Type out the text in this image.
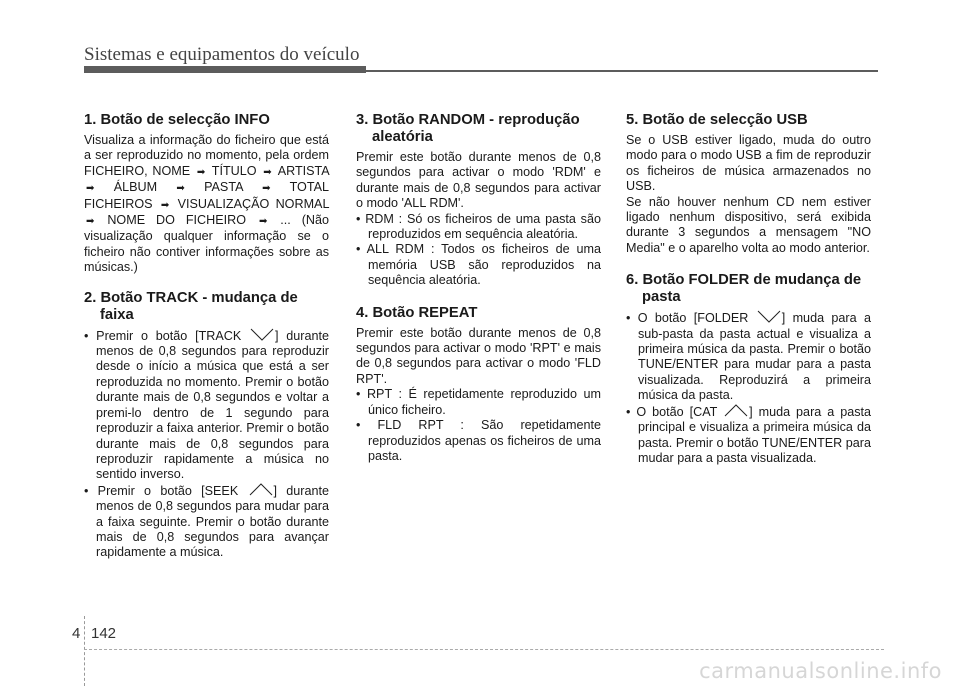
Sistemas e equipamentos do veículo
1. Botão de selecção INFO

Visualiza a informação do ficheiro que está a ser reproduzido no momento, pela ordem FICHEIRO, NOME ➡ TÍTULO ➡ ARTISTA ➡ ÁLBUM ➡ PASTA ➡ TOTAL FICHEIROS ➡ VISUALIZAÇÃO NORMAL ➡ NOME DO FICHEIRO ➡ ... (Não visualização qualquer informação se o ficheiro não contiver informações sobre as músicas.)

2. Botão TRACK - mudança de
faixa

• Premir o botão [TRACK	] durante menos de 0,8 segundos para reproduzir desde o início a música que está a ser reproduzida no momento. Premir o botão durante mais de 0,8 segundos e voltar a premi-lo dentro de 1 segundo para reproduzir a faixa anterior. Premir o botão durante mais de 0,8 segundos para reproduzir rapidamente a música no sentido inverso.

• Premir o botão [SEEK	] durante menos de 0,8 segundos para mudar para a faixa seguinte. Premir o botão durante mais de 0,8 segundos para avançar rapidamente a música.

3. Botão RANDOM - reprodução
aleatória

Premir este botão durante menos de 0,8 segundos para activar o modo 'RDM' e durante mais de 0,8 segundos para activar o modo 'ALL RDM'.

• RDM : Só os ficheiros de uma pasta são reproduzidos em sequência aleatória.

• ALL RDM : Todos os ficheiros de uma memória USB são reproduzidos na sequência aleatória.

4. Botão REPEAT

Premir este botão durante menos de 0,8 segundos para activar o modo 'RPT' e mais de 0,8 segundos para activar o modo 'FLD RPT'.

• RPT : É repetidamente reproduzido um único ficheiro.

• FLD RPT : São repetidamente reproduzidos apenas os ficheiros de uma pasta.

5. Botão de selecção USB

Se o USB estiver ligado, muda do outro modo para o modo USB a fim de reproduzir os ficheiros de música armazenados no USB.

Se não houver nenhum CD nem estiver ligado nenhum dispositivo, será exibida durante 3 segundos a mensagem "NO Media" e o aparelho volta ao modo anterior.

6. Botão FOLDER de mudança de
pasta

• O botão [FOLDER	] muda para a sub-pasta da pasta actual e visualiza a primeira música da pasta. Premir o botão TUNE/ENTER para mudar para a pasta visualizada. Reproduzirá a primeira música da pasta.

• O botão [CAT	] muda para a pasta principal e visualiza a primeira música da pasta. Premir o botão TUNE/ENTER para mudar para a pasta visualizada.

4 142
carmanualsonline.info
